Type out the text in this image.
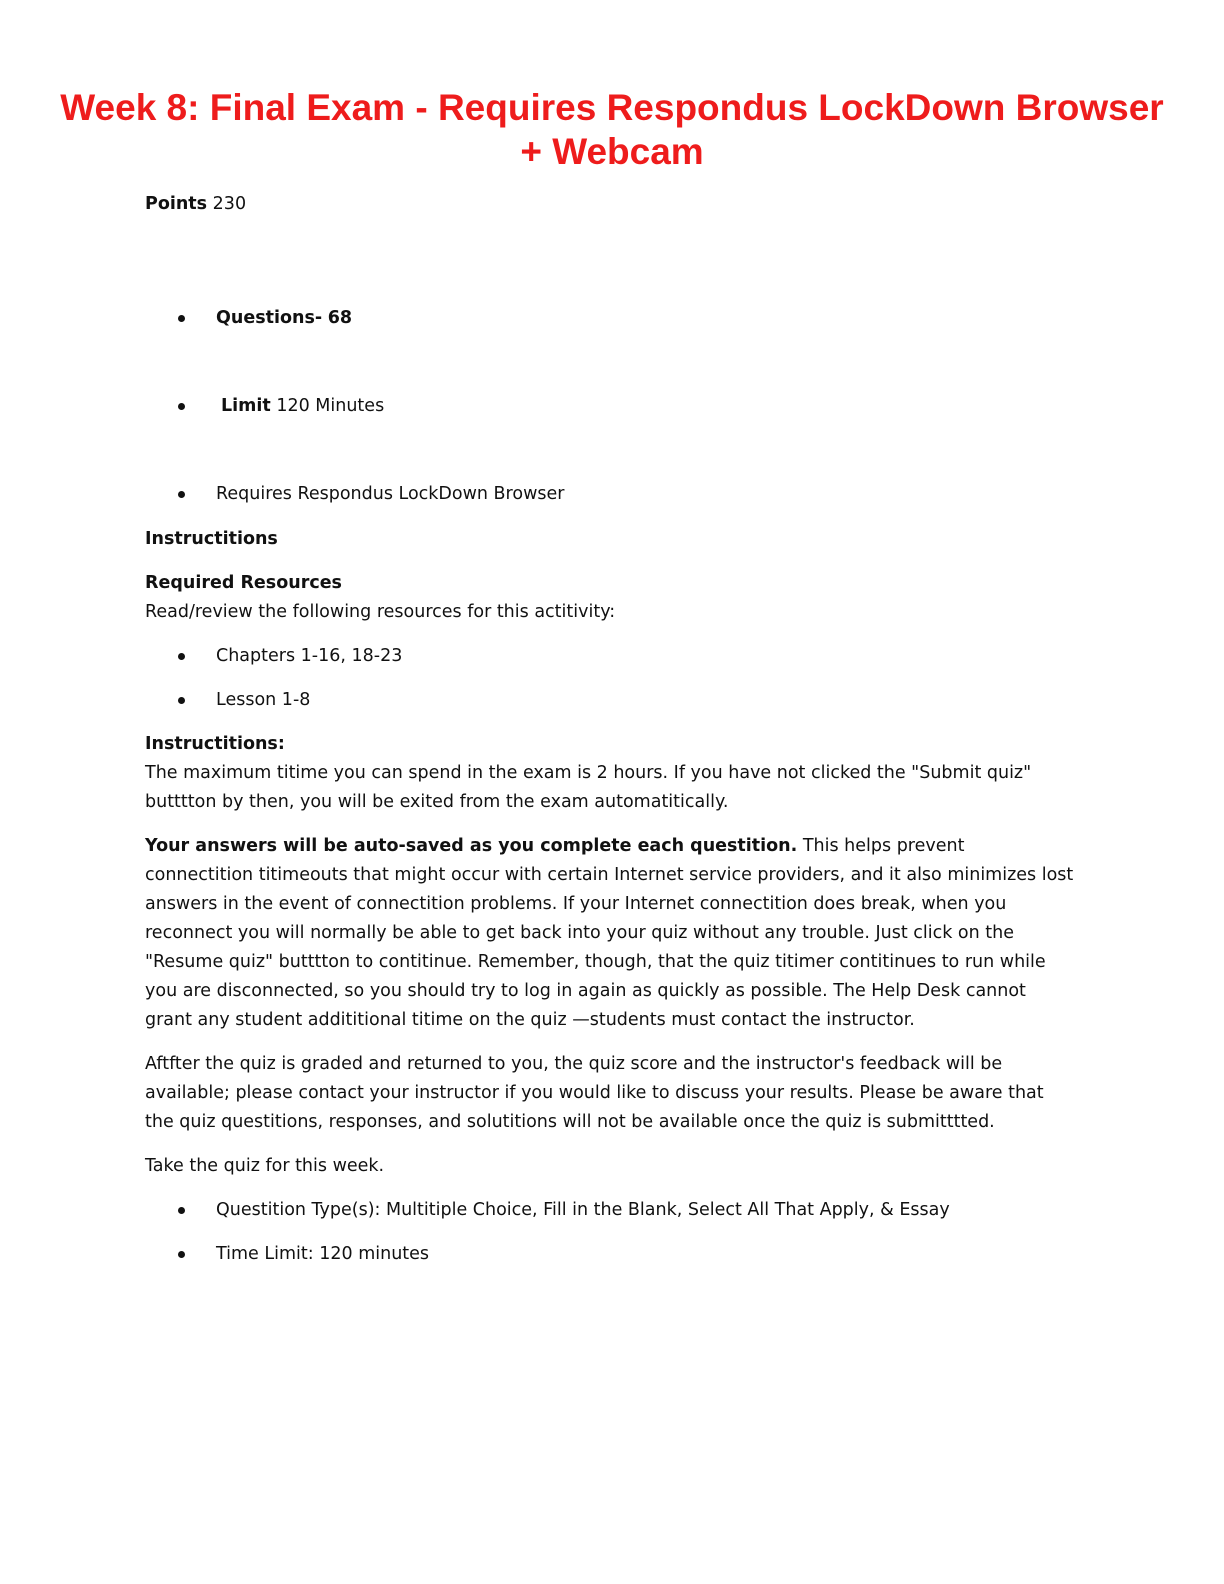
Week 8: Final Exam - Requires Respondus LockDown Browser + Webcam

Points 230

Questions- 68
Limit 120 Minutes
Requires Respondus LockDown Browser

Instructitions

Required Resources

Read/review the following resources for this actitivity:

Chapters 1-16, 18-23
Lesson 1-8

Instructitions:

The maximum titime you can spend in the exam is 2 hours. If you have not clicked the "Submit quiz" butttton by then, you will be exited from the exam automatitically.

Your answers will be auto-saved as you complete each questition. This helps prevent connectition titimeouts that might occur with certain Internet service providers, and it also minimizes lost answers in the event of connectition problems. If your Internet connectition does break, when you reconnect you will normally be able to get back into your quiz without any trouble. Just click on the "Resume quiz" butttton to contitinue. Remember, though, that the quiz titimer contitinues to run while you are disconnected, so you should try to log in again as quickly as possible. The Help Desk cannot grant any student addititional titime on the quiz —students must contact the instructor.

Aftfter the quiz is graded and returned to you, the quiz score and the instructor's feedback will be available; please contact your instructor if you would like to discuss your results. Please be aware that the quiz questitions, responses, and solutitions will not be available once the quiz is submitttted.

Take the quiz for this week.

Questition Type(s): Multitiple Choice, Fill in the Blank, Select All That Apply, & Essay
Time Limit: 120 minutes
